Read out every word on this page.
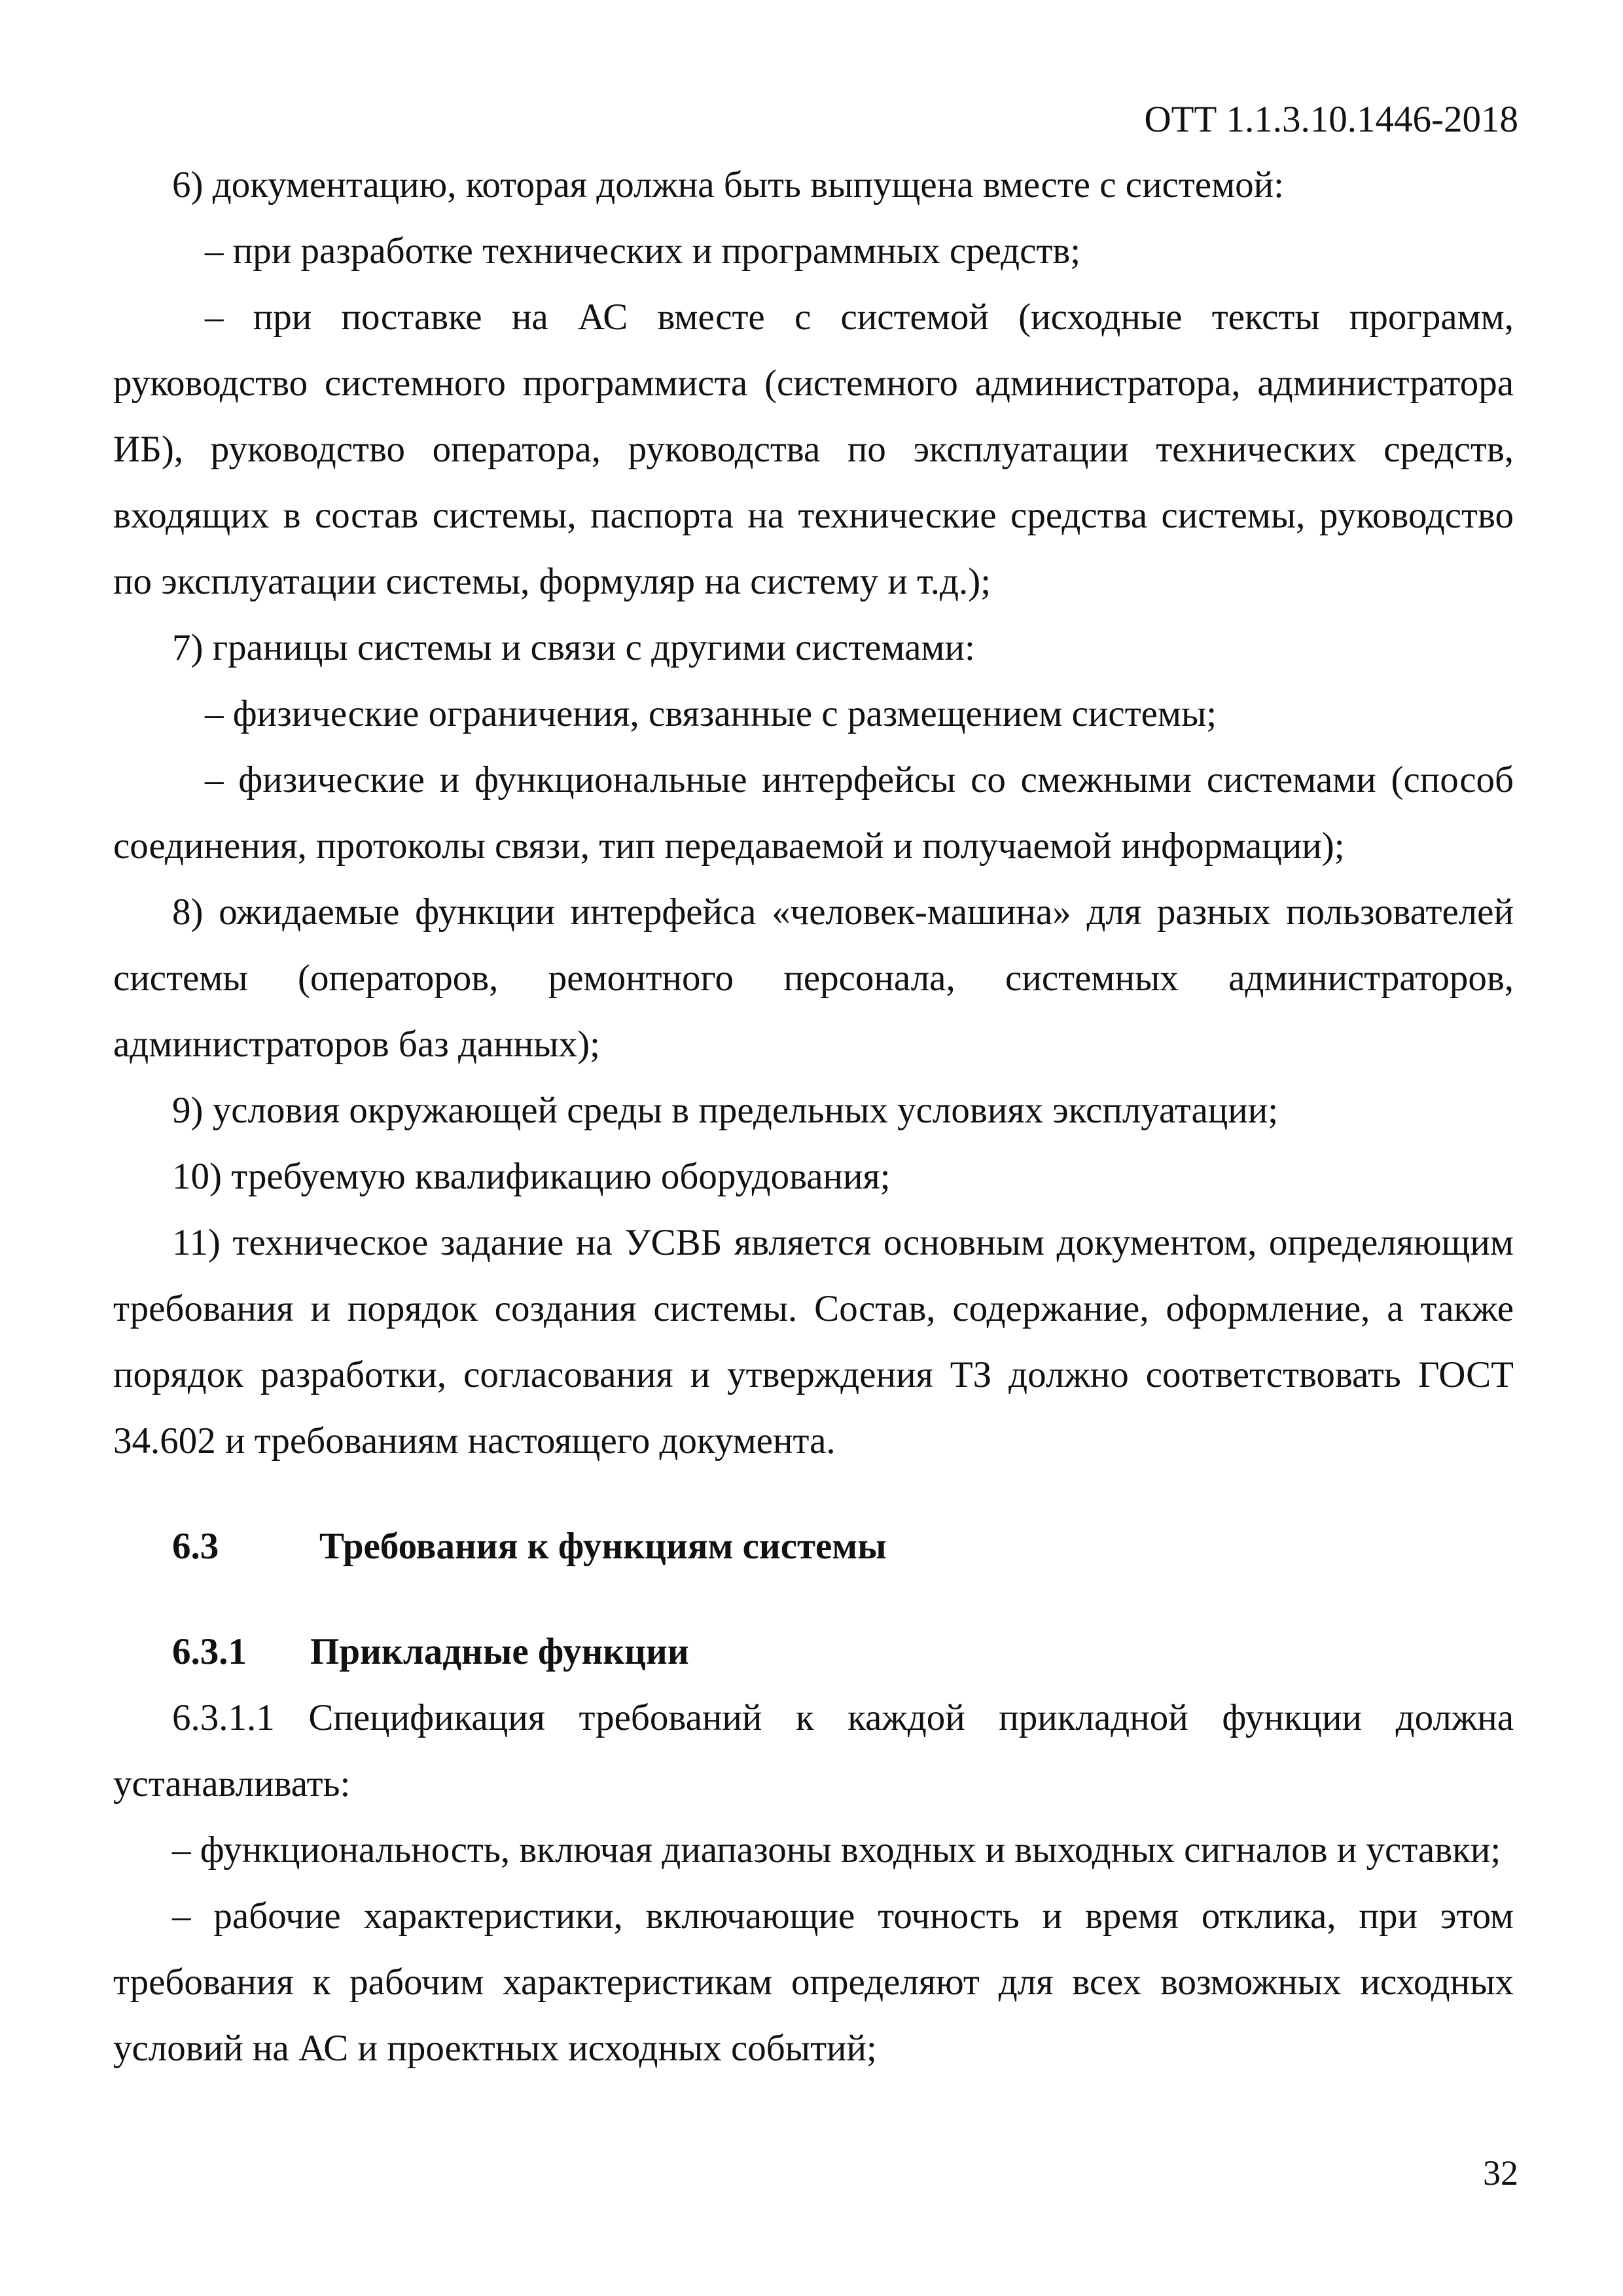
ОТТ 1.1.3.10.1446-2018

6) документацию, которая должна быть выпущена вместе с системой:

– при разработке технических и программных средств;

– при поставке на АС вместе с системой (исходные тексты программ, руководство системного программиста (системного администратора, администратора ИБ), руководство оператора, руководства по эксплуатации технических средств, входящих в состав системы, паспорта на технические средства системы, руководство по эксплуатации системы, формуляр на систему и т.д.);

7) границы системы и связи с другими системами:

– физические ограничения, связанные с размещением системы;

– физические и функциональные интерфейсы со смежными системами (способ соединения, протоколы связи, тип передаваемой и получаемой информации);

8) ожидаемые функции интерфейса «человек-машина» для разных пользователей системы (операторов, ремонтного персонала, системных администраторов, администраторов баз данных);

9) условия окружающей среды в предельных условиях эксплуатации;

10) требуемую квалификацию оборудования;

11) техническое задание на УСВБ является основным документом, определяющим требования и порядок создания системы. Состав, содержание, оформление, а также порядок разработки, согласования и утверждения ТЗ должно соответствовать ГОСТ 34.602 и требованиям настоящего документа.

6.3	Требования к функциям системы

6.3.1 Прикладные функции

6.3.1.1 Спецификация требований к каждой прикладной функции должна устанавливать:

– функциональность, включая диапазоны входных и выходных сигналов и уставки;

– рабочие характеристики, включающие точность и время отклика, при этом требования к рабочим характеристикам определяют для всех возможных исходных условий на АС и проектных исходных событий;

32
